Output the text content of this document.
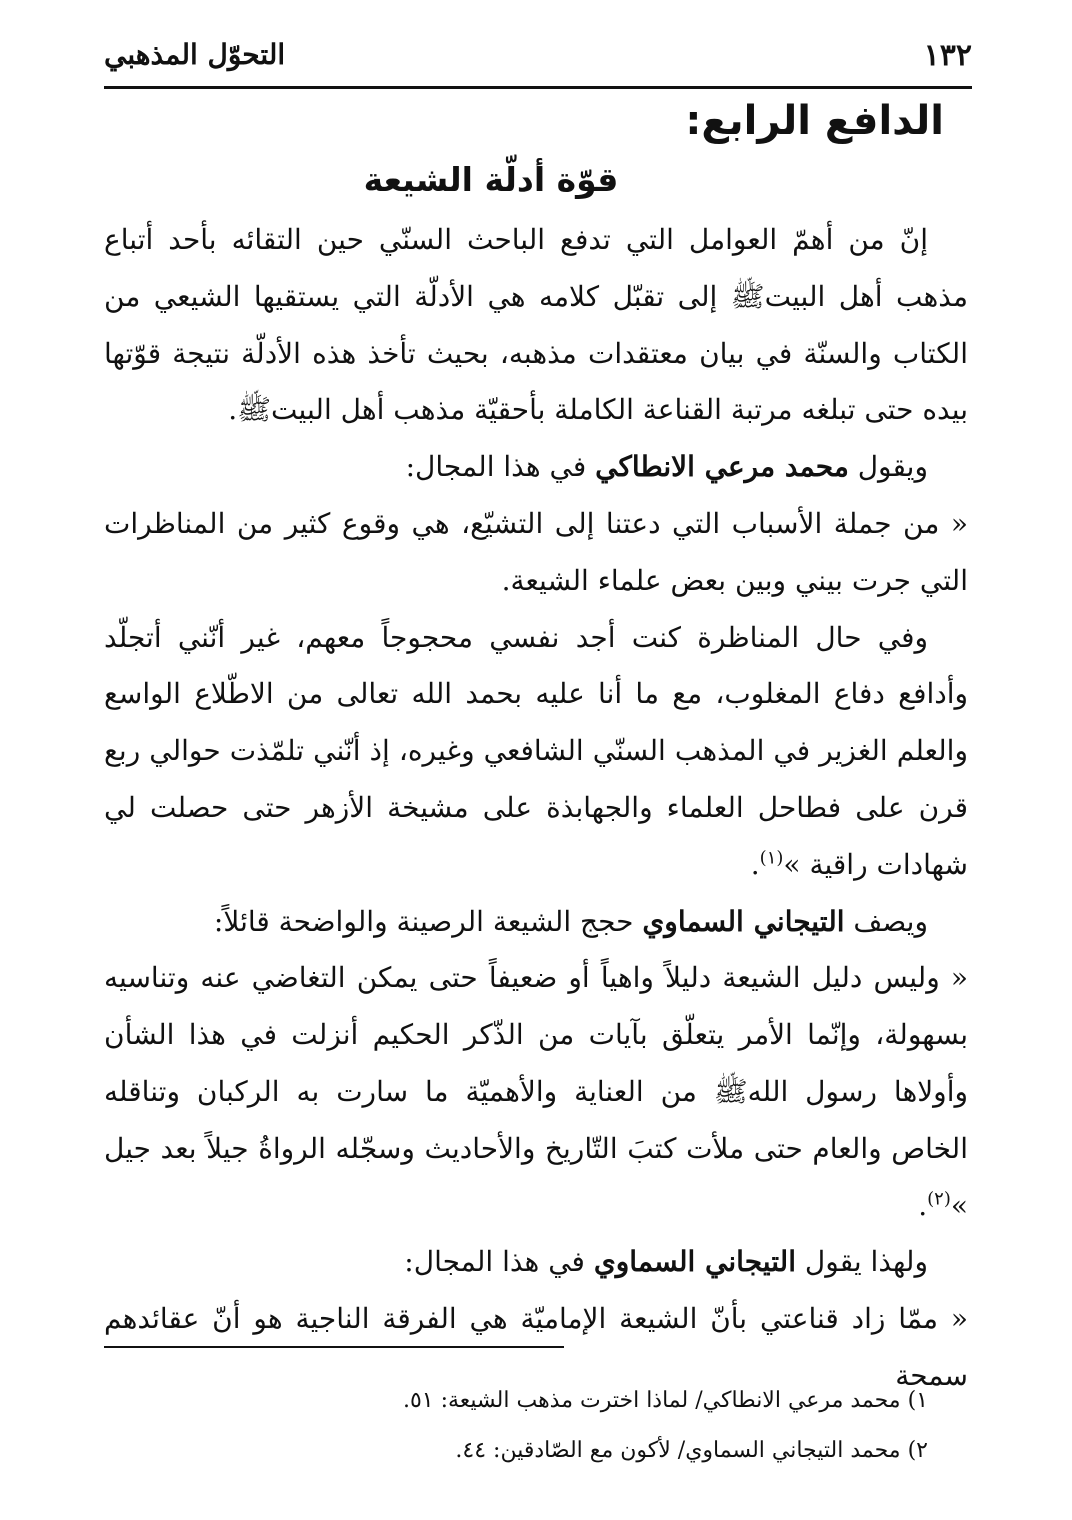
١٣٢
التحوّل المذهبي
الدافع الرابع:
قوّة أدلّة الشيعة

إنّ من أهمّ العوامل التي تدفع الباحث السنّي حين التقائه بأحد أتباع مذهب أهل البيتﷺ إلى تقبّل كلامه هي الأدلّة التي يستقيها الشيعي من الكتاب والسنّة في بيان معتقدات مذهبه، بحيث تأخذ هذه الأدلّة نتيجة قوّتها بيده حتى تبلغه مرتبة القناعة الكاملة بأحقيّة مذهب أهل البيتﷺ.

ويقول محمد مرعي الانطاكي في هذا المجال:

« من جملة الأسباب التي دعتنا إلى التشيّع، هي وقوع كثير من المناظرات التي جرت بيني وبين بعض علماء الشيعة.

وفي حال المناظرة كنت أجد نفسي محجوجاً معهم، غير أنّني أتجلّد وأدافع دفاع المغلوب، مع ما أنا عليه بحمد الله تعالى من الاطّلاع الواسع والعلم الغزير في المذهب السنّي الشافعي وغيره، إذ أنّني تلمّذت حوالي ربع قرن على فطاحل العلماء والجهابذة على مشيخة الأزهر حتى حصلت لي شهادات راقية »$^{(١)}$.

ويصف التيجاني السماوي حجج الشيعة الرصينة والواضحة قائلاً:

« وليس دليل الشيعة دليلاً واهياً أو ضعيفاً حتى يمكن التغاضي عنه وتناسيه بسهولة، وإنّما الأمر يتعلّق بآيات من الذّكر الحكيم أنزلت في هذا الشأن وأولاها رسول اللهﷺ من العناية والأهميّة ما سارت به الركبان وتناقله الخاص والعام حتى ملأت كتبَ التّاريخ والأحاديث وسجّله الرواةُ جيلاً بعد جيل »$^{(٢)}$.

ولهذا يقول التيجاني السماوي في هذا المجال:

« ممّا زاد قناعتي بأنّ الشيعة الإماميّة هي الفرقة الناجية هو أنّ عقائدهم سمحة

١) محمد مرعي الانطاكي/ لماذا اخترت مذهب الشيعة: ٥١.

٢) محمد التيجاني السماوي/ لأكون مع الصّادقين: ٤٤.
